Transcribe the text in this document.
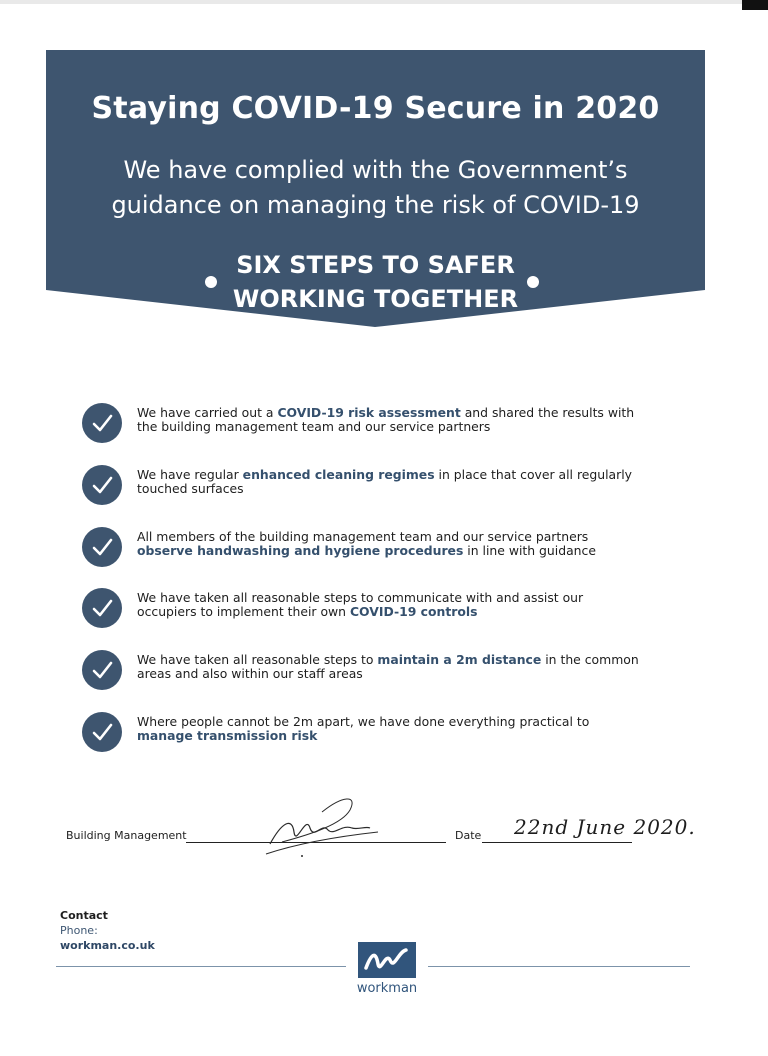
Staying COVID-19 Secure in 2020
We have complied with the Government’s
guidance on managing the risk of COVID-19
SIX STEPS TO SAFER
WORKING TOGETHER
We have carried out a COVID-19 risk assessment and shared the results with the building management team and our service partners
We have regular enhanced cleaning regimes in place that cover all regularly touched surfaces
All members of the building management team and our service partners observe handwashing and hygiene procedures in line with guidance
We have taken all reasonable steps to communicate with and assist our occupiers to implement their own COVID-19 controls
We have taken all reasonable steps to maintain a 2m distance in the common areas and also within our staff areas
Where people cannot be 2m apart, we have done everything practical to manage transmission risk
Building Management	Date 22nd June 2020.
Contact
Phone:
workman.co.uk
workman
